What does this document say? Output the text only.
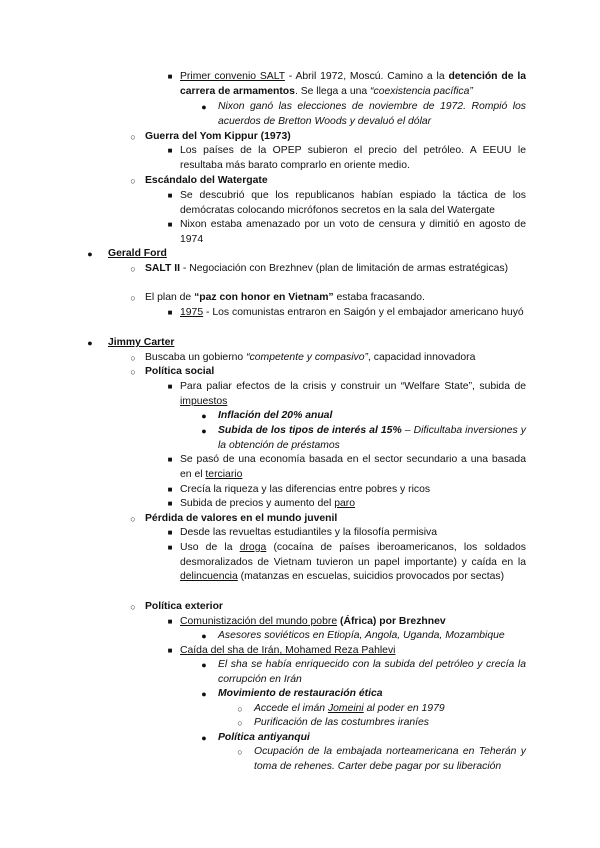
■ Primer convenio SALT - Abril 1972, Moscú. Camino a la detención de la carrera de armamentos. Se llega a una “coexistencia pacífica”
●	Nixon ganó las elecciones de noviembre de 1972. Rompió los acuerdos de Bretton Woods y devaluó el dólar
○ Guerra del Yom Kippur (1973)
■ Los países de la OPEP subieron el precio del petróleo. A EEUU le resultaba más barato comprarlo en oriente medio.
○ Escándalo del Watergate
■ Se descubrió que los republicanos habían espiado la táctica de los demócratas colocando micrófonos secretos en la sala del Watergate
■ Nixon estaba amenazado por un voto de censura y dimitió en agosto de 1974
●	Gerald Ford
○ SALT II - Negociación con Brezhnev (plan de limitación de armas estratégicas)
○ El plan de “paz con honor en Vietnam” estaba fracasando.
■ 1975 - Los comunistas entraron en Saigón y el embajador americano huyó
●	Jimmy Carter
○ Buscaba un gobierno “competente y compasivo”, capacidad innovadora
○ Política social
■ Para paliar efectos de la crisis y construir un “Welfare State”, subida de impuestos
●	Inflación del 20% anual
●	Subida de los tipos de interés al 15% – Dificultaba inversiones y la obtención de préstamos
■ Se pasó de una economía basada en el sector secundario a una basada en el terciario
■ Crecía la riqueza y las diferencias entre pobres y ricos
■ Subida de precios y aumento del paro
○ Pérdida de valores en el mundo juvenil
■ Desde las revueltas estudiantiles y la filosofía permisiva
■ Uso de la droga (cocaína de países iberoamericanos, los soldados desmoralizados de Vietnam tuvieron un papel importante) y caída en la delincuencia (matanzas en escuelas, suicidios provocados por sectas)
○ Política exterior
■ Comunistización del mundo pobre (África) por Brezhnev
●	Asesores soviéticos en Etiopía, Angola, Uganda, Mozambique
■ Caída del sha de Irán, Mohamed Reza Pahlevi
●	El sha se había enriquecido con la subida del petróleo y crecía la corrupción en Irán
●	Movimiento de restauración ética
○	Accede el imán Jomeini al poder en 1979
○	Purificación de las costumbres iraníes
●	Política antiyanqui
○	Ocupación de la embajada norteamericana en Teherán y toma de rehenes. Carter debe pagar por su liberación
